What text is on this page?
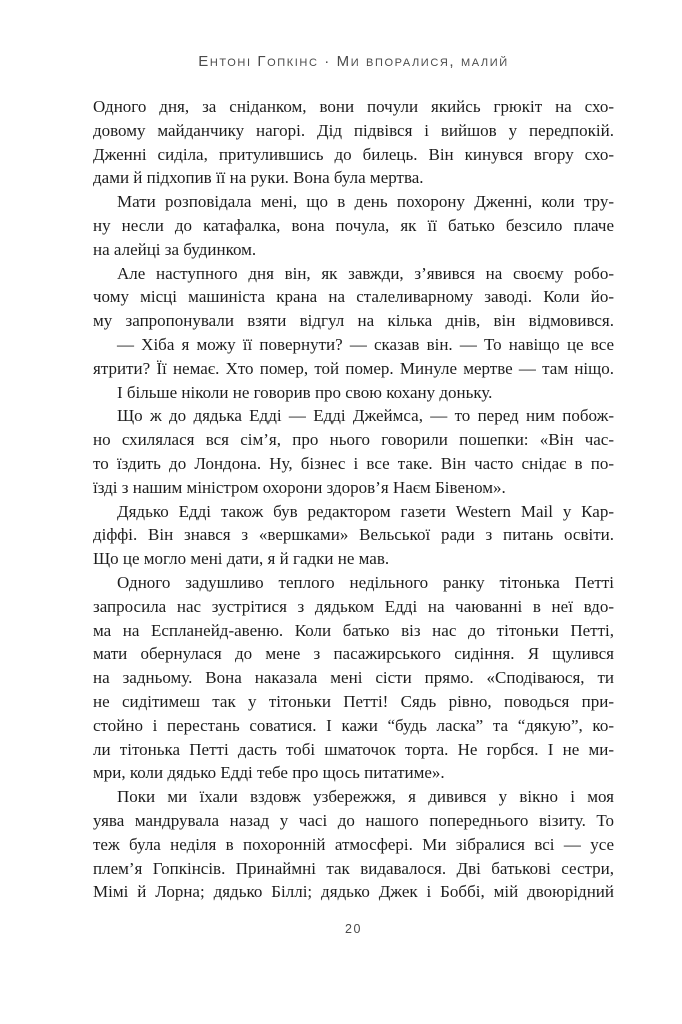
Ентоні Гопкінс · Ми впоралися, малий
Одного дня, за сніданком, вони почули якийсь грюкіт на схо-
довому майданчику нагорі. Дід підвівся і вийшов у передпокій.
Дженні сиділа, притулившись до билець. Він кинувся вгору схо-
дами й підхопив її на руки. Вона була мертва.
Мати розповідала мені, що в день похорону Дженні, коли тру-
ну несли до катафалка, вона почула, як її батько безсило плаче
на алейці за будинком.
Але наступного дня він, як завжди, з’явився на своєму робо-
чому місці машиніста крана на сталеливарному заводі. Коли йо-
му запропонували взяти відгул на кілька днів, він відмовився.
— Хіба я можу її повернути? — сказав він. — То навіщо це все
ятрити? Її немає. Хто помер, той помер. Минуле мертве — там ніщо.
І більше ніколи не говорив про свою кохану доньку.
Що ж до дядька Едді — Едді Джеймса, — то перед ним побож-
но схилялася вся сім’я, про нього говорили пошепки: «Він час-
то їздить до Лондона. Ну, бізнес і все таке. Він часто снідає в по-
їзді з нашим міністром охорони здоров’я Наєм Бівеном».
Дядько Едді також був редактором газети Western Mail у Кар-
діффі. Він знався з «вершками» Вельської ради з питань освіти.
Що це могло мені дати, я й гадки не мав.
Одного задушливо теплого недільного ранку тітонька Петті
запросила нас зустрітися з дядьком Едді на чаюванні в неї вдо-
ма на Еспланейд-авеню. Коли батько віз нас до тітоньки Петті,
мати обернулася до мене з пасажирського сидіння. Я щулився
на задньому. Вона наказала мені сісти прямо. «Сподіваюся, ти
не сидітимеш так у тітоньки Петті! Сядь рівно, поводься при-
стойно і перестань соватися. І кажи “будь ласка” та “дякую”, ко-
ли тітонька Петті дасть тобі шматочок торта. Не горбся. І не ми-
мри, коли дядько Едді тебе про щось питатиме».
Поки ми їхали вздовж узбережжя, я дивився у вікно і моя
уява мандрувала назад у часі до нашого попереднього візиту. То
теж була неділя в похоронній атмосфері. Ми зібралися всі — усе
плем’я Гопкінсів. Принаймні так видавалося. Дві батькові сестри,
Мімі й Лорна; дядько Біллі; дядько Джек і Боббі, мій двоюрідний
20
